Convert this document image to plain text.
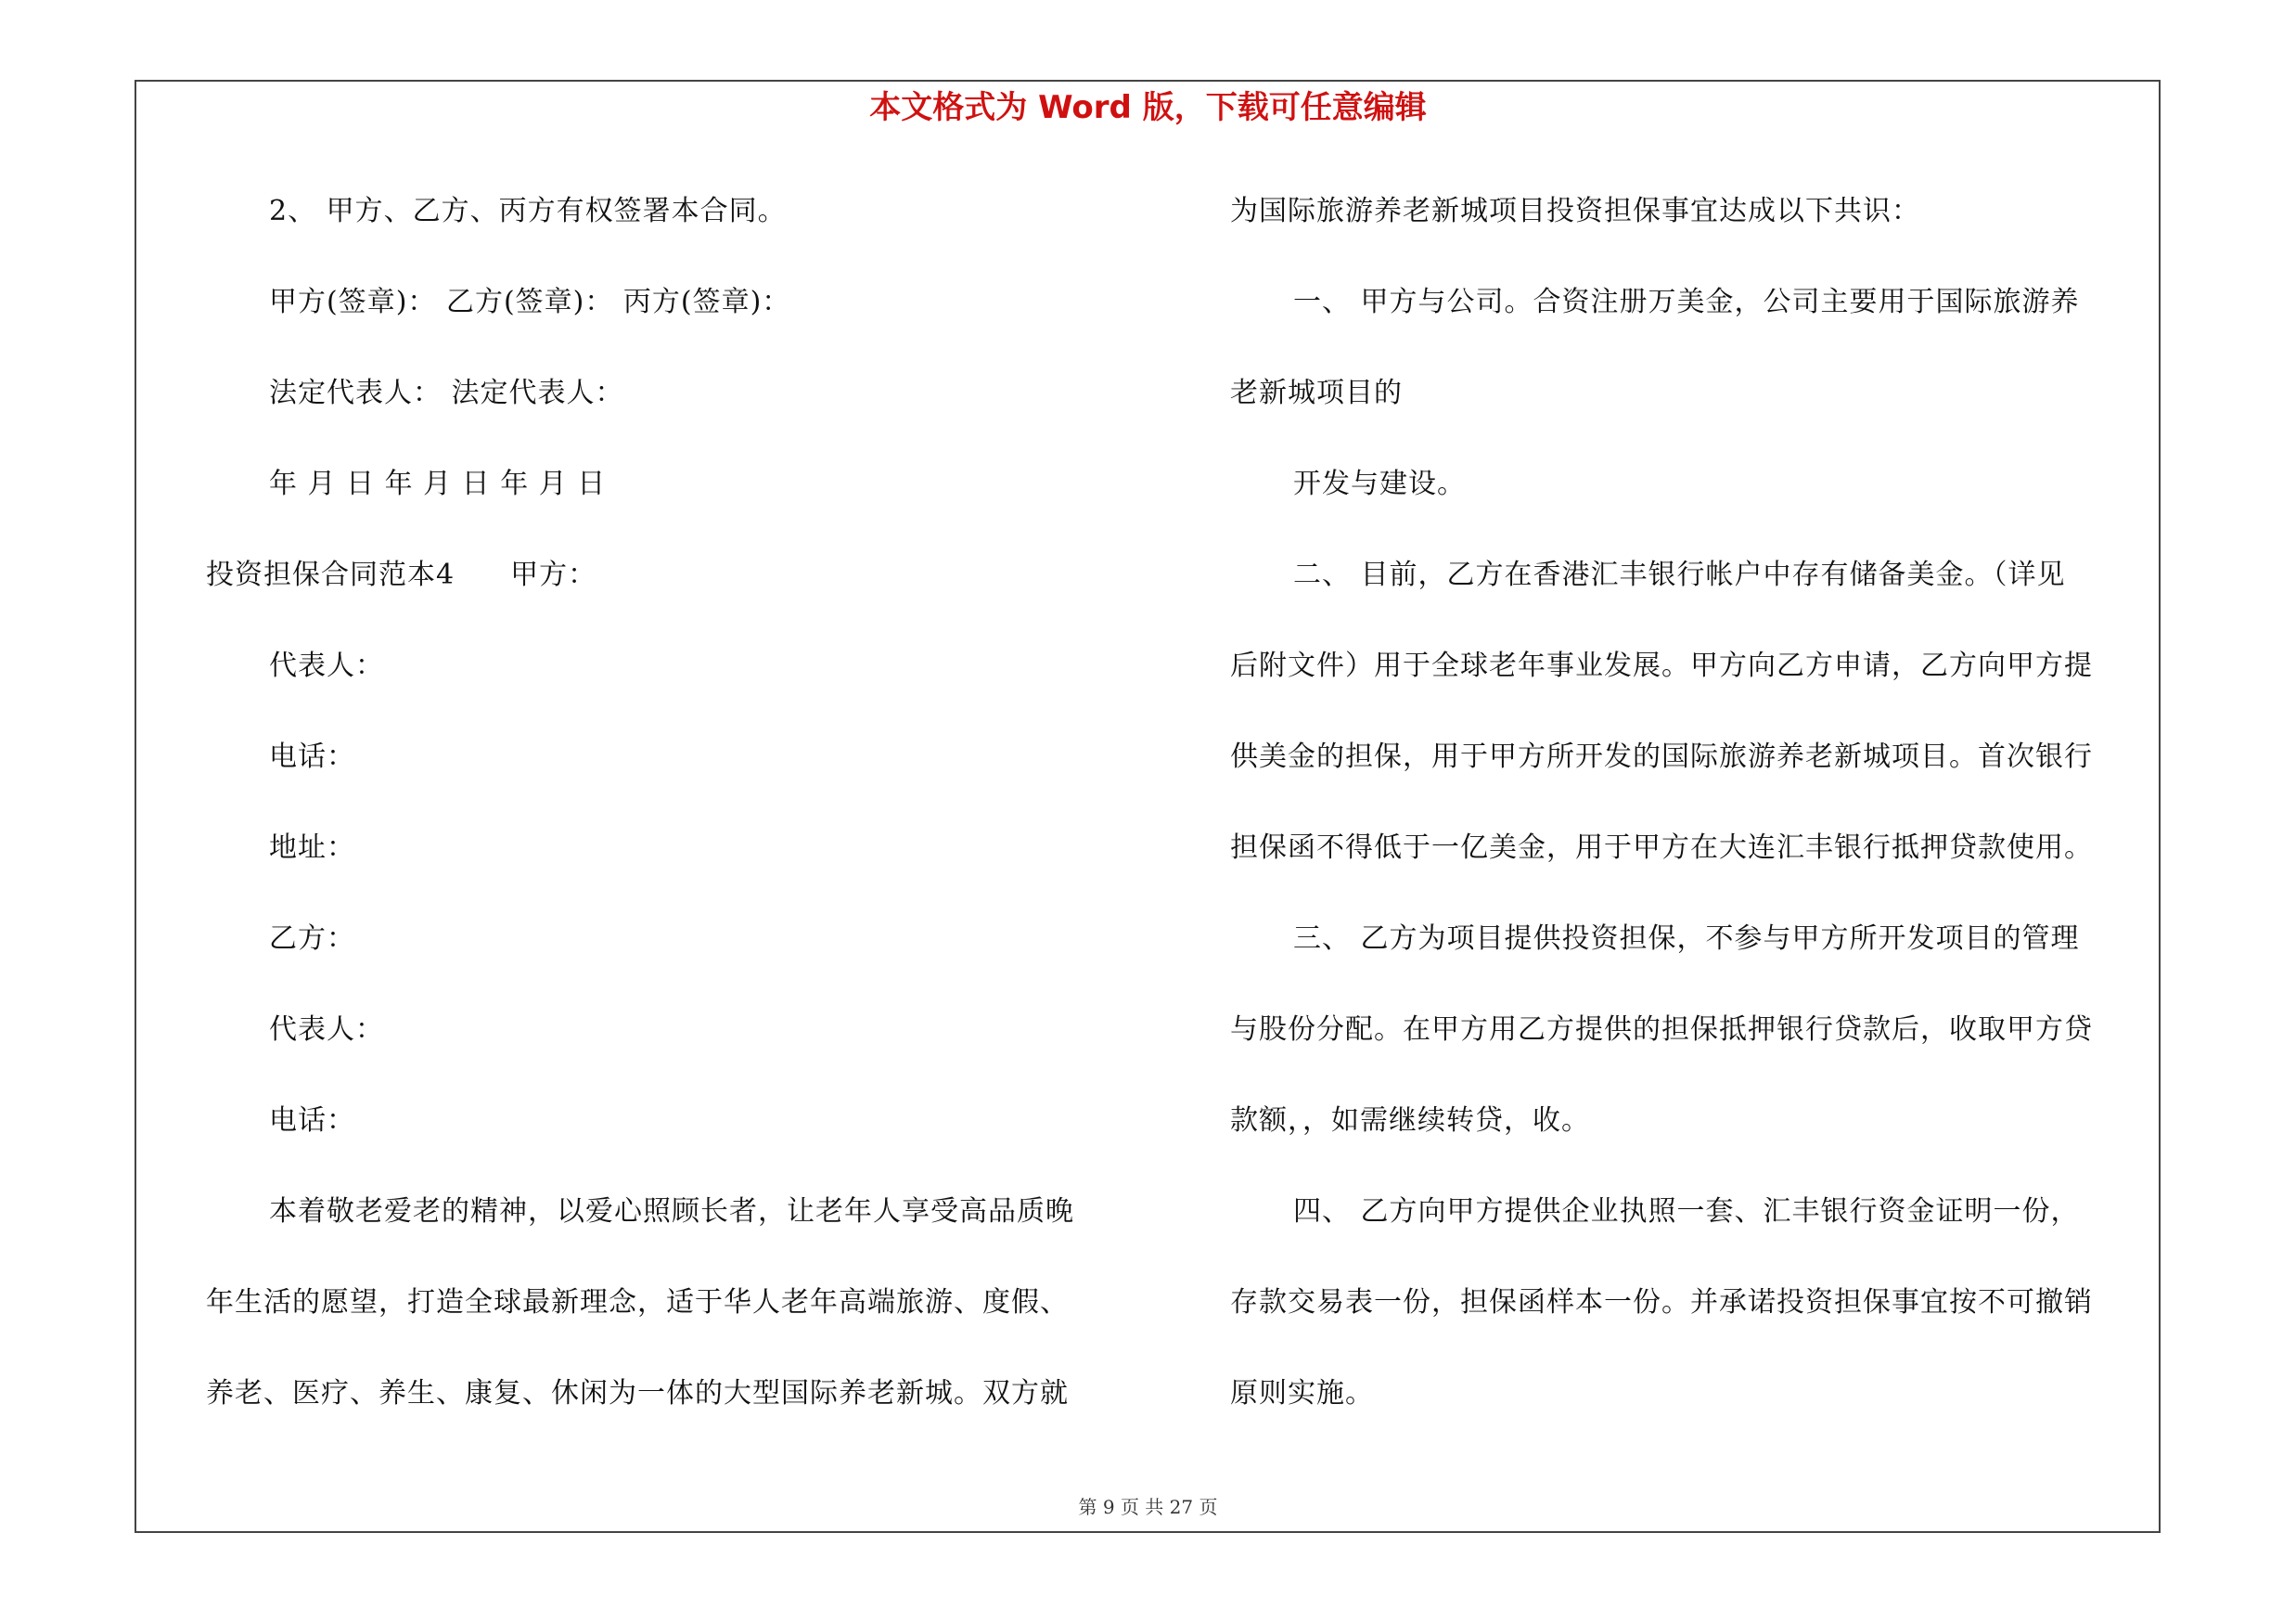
本文格式为 Word 版，下载可任意编辑
2、 甲方、乙方、丙方有权签署本合同。
甲方(签章)： 乙方(签章)： 丙方(签章)：
法定代表人： 法定代表人：
年 月 日 年 月 日 年 月 日
投资担保合同范本4 甲方：
代表人：
电话：
地址：
乙方：
代表人：
电话：
本着敬老爱老的精神，以爱心照顾长者，让老年人享受高品质晚
年生活的愿望，打造全球最新理念，适于华人老年高端旅游、度假、
养老、医疗、养生、康复、休闲为一体的大型国际养老新城。双方就
为国际旅游养老新城项目投资担保事宜达成以下共识：
一、 甲方与公司。合资注册万美金，公司主要用于国际旅游养
老新城项目的
开发与建设。
二、 目前，乙方在香港汇丰银行帐户中存有储备美金。（详见
后附文件）用于全球老年事业发展。甲方向乙方申请，乙方向甲方提
供美金的担保，用于甲方所开发的国际旅游养老新城项目。首次银行
担保函不得低于一亿美金，用于甲方在大连汇丰银行抵押贷款使用。
三、 乙方为项目提供投资担保，不参与甲方所开发项目的管理
与股份分配。在甲方用乙方提供的担保抵押银行贷款后，收取甲方贷
款额，，如需继续转贷，收。
四、 乙方向甲方提供企业执照一套、汇丰银行资金证明一份，
存款交易表一份，担保函样本一份。并承诺投资担保事宜按不可撤销
原则实施。
第 9 页 共 27 页
